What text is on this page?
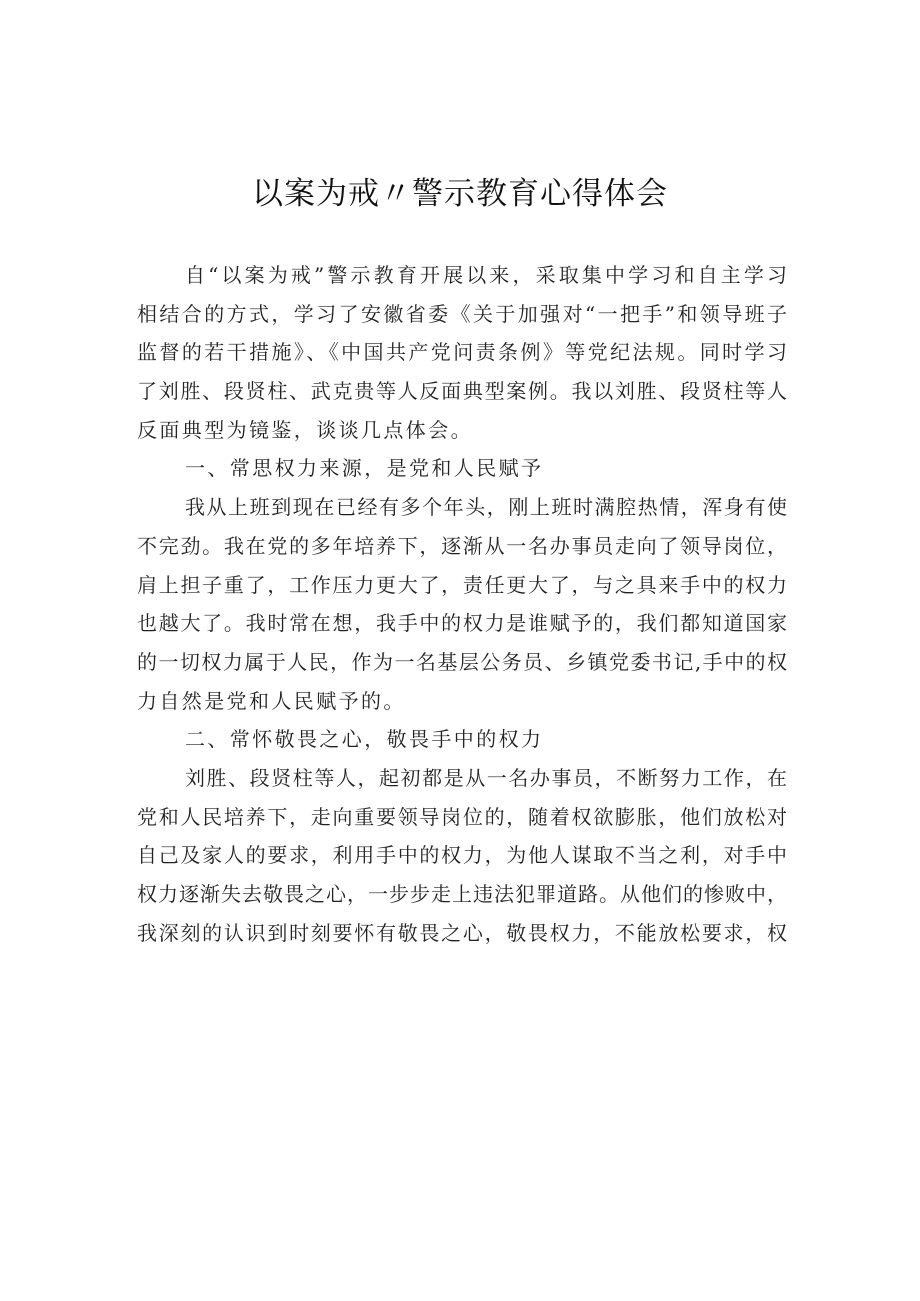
以案为戒〃警示教育心得体会
自“以案为戒”警示教育开展以来，采取集中学习和自主学习
相结合的方式，学习了安徽省委《关于加强对“一把手”和领导班子
监督的若干措施》、《中国共产党问责条例》等党纪法规。同时学习
了刘胜、段贤柱、武克贵等人反面典型案例。我以刘胜、段贤柱等人
反面典型为镜鉴，谈谈几点体会。
一、常思权力来源，是党和人民赋予
我从上班到现在已经有多个年头，刚上班时满腔热情，浑身有使
不完劲。我在党的多年培养下，逐渐从一名办事员走向了领导岗位，
肩上担子重了，工作压力更大了，责任更大了，与之具来手中的权力
也越大了。我时常在想，我手中的权力是谁赋予的，我们都知道国家
的一切权力属于人民，作为一名基层公务员、乡镇党委书记,手中的权
力自然是党和人民赋予的。
二、常怀敬畏之心，敬畏手中的权力
刘胜、段贤柱等人，起初都是从一名办事员，不断努力工作，在
党和人民培养下，走向重要领导岗位的，随着权欲膨胀，他们放松对
自己及家人的要求，利用手中的权力，为他人谋取不当之利，对手中
权力逐渐失去敬畏之心，一步步走上违法犯罪道路。从他们的惨败中，
我深刻的认识到时刻要怀有敬畏之心，敬畏权力，不能放松要求，权
